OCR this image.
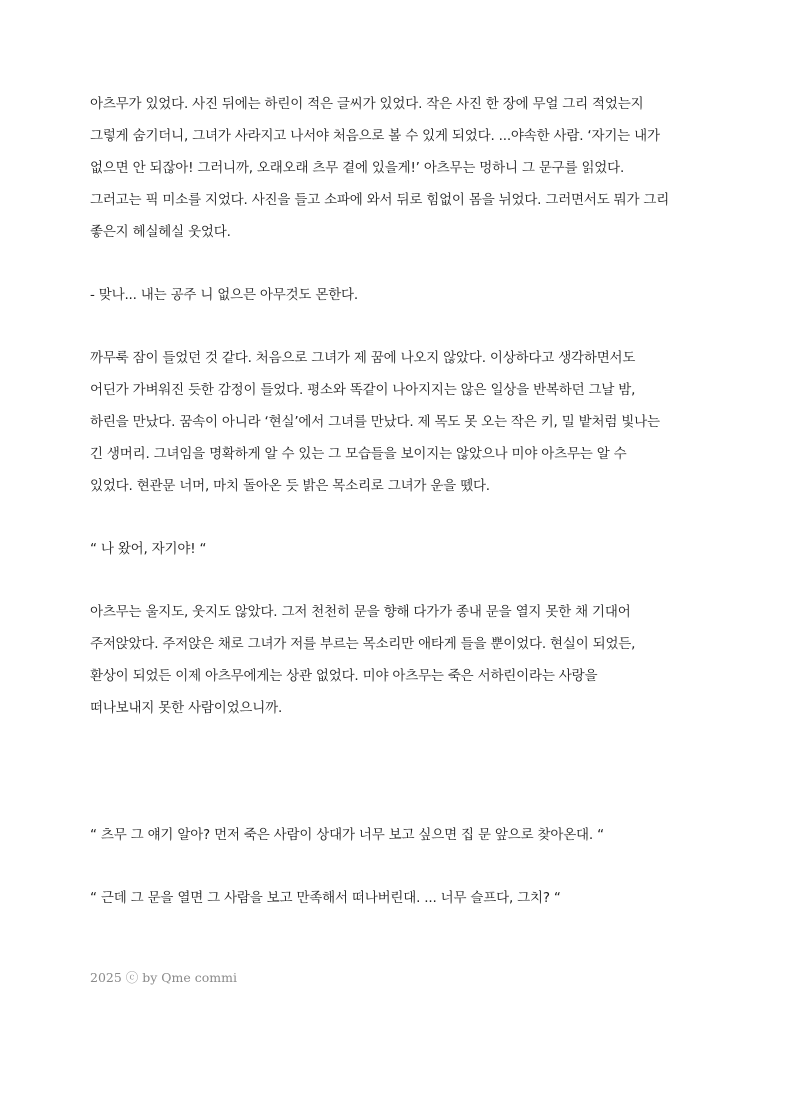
아츠무가 있었다. 사진 뒤에는 하린이 적은 글씨가 있었다. 작은 사진 한 장에 무얼 그리 적었는지
그렇게 숨기더니, 그녀가 사라지고 나서야 처음으로 볼 수 있게 되었다. ...야속한 사람. ‘자기는 내가
없으면 안 되잖아! 그러니까, 오래오래 츠무 곁에 있을게!’ 아츠무는 멍하니 그 문구를 읽었다.
그러고는 픽 미소를 지었다. 사진을 들고 소파에 와서 뒤로 힘없이 몸을 뉘었다. 그러면서도 뭐가 그리
좋은지 헤실헤실 웃었다.

- 맞나... 내는 공주 니 없으믄 아무것도 몬한다.

까무룩 잠이 들었던 것 같다. 처음으로 그녀가 제 꿈에 나오지 않았다. 이상하다고 생각하면서도
어딘가 가벼워진 듯한 감정이 들었다. 평소와 똑같이 나아지지는 않은 일상을 반복하던 그날 밤,
하린을 만났다. 꿈속이 아니라 ‘현실’에서 그녀를 만났다. 제 목도 못 오는 작은 키, 밀 밭처럼 빛나는
긴 생머리. 그녀임을 명확하게 알 수 있는 그 모습들을 보이지는 않았으나 미야 아츠무는 알 수
있었다. 현관문 너머, 마치 돌아온 듯 밝은 목소리로 그녀가 운을 뗐다.

“ 나 왔어, 자기야! “

아츠무는 울지도, 웃지도 않았다. 그저 천천히 문을 향해 다가가 종내 문을 열지 못한 채 기대어
주저앉았다. 주저앉은 채로 그녀가 저를 부르는 목소리만 애타게 들을 뿐이었다. 현실이 되었든,
환상이 되었든 이제 아츠무에게는 상관 없었다. 미야 아츠무는 죽은 서하린이라는 사랑을
떠나보내지 못한 사람이었으니까.

“ 츠무 그 얘기 알아? 먼저 죽은 사람이 상대가 너무 보고 싶으면 집 문 앞으로 찾아온대. “

“ 근데 그 문을 열면 그 사람을 보고 만족해서 떠나버린대. ... 너무 슬프다, 그치? “

2025 ⓒ by Qme commi
